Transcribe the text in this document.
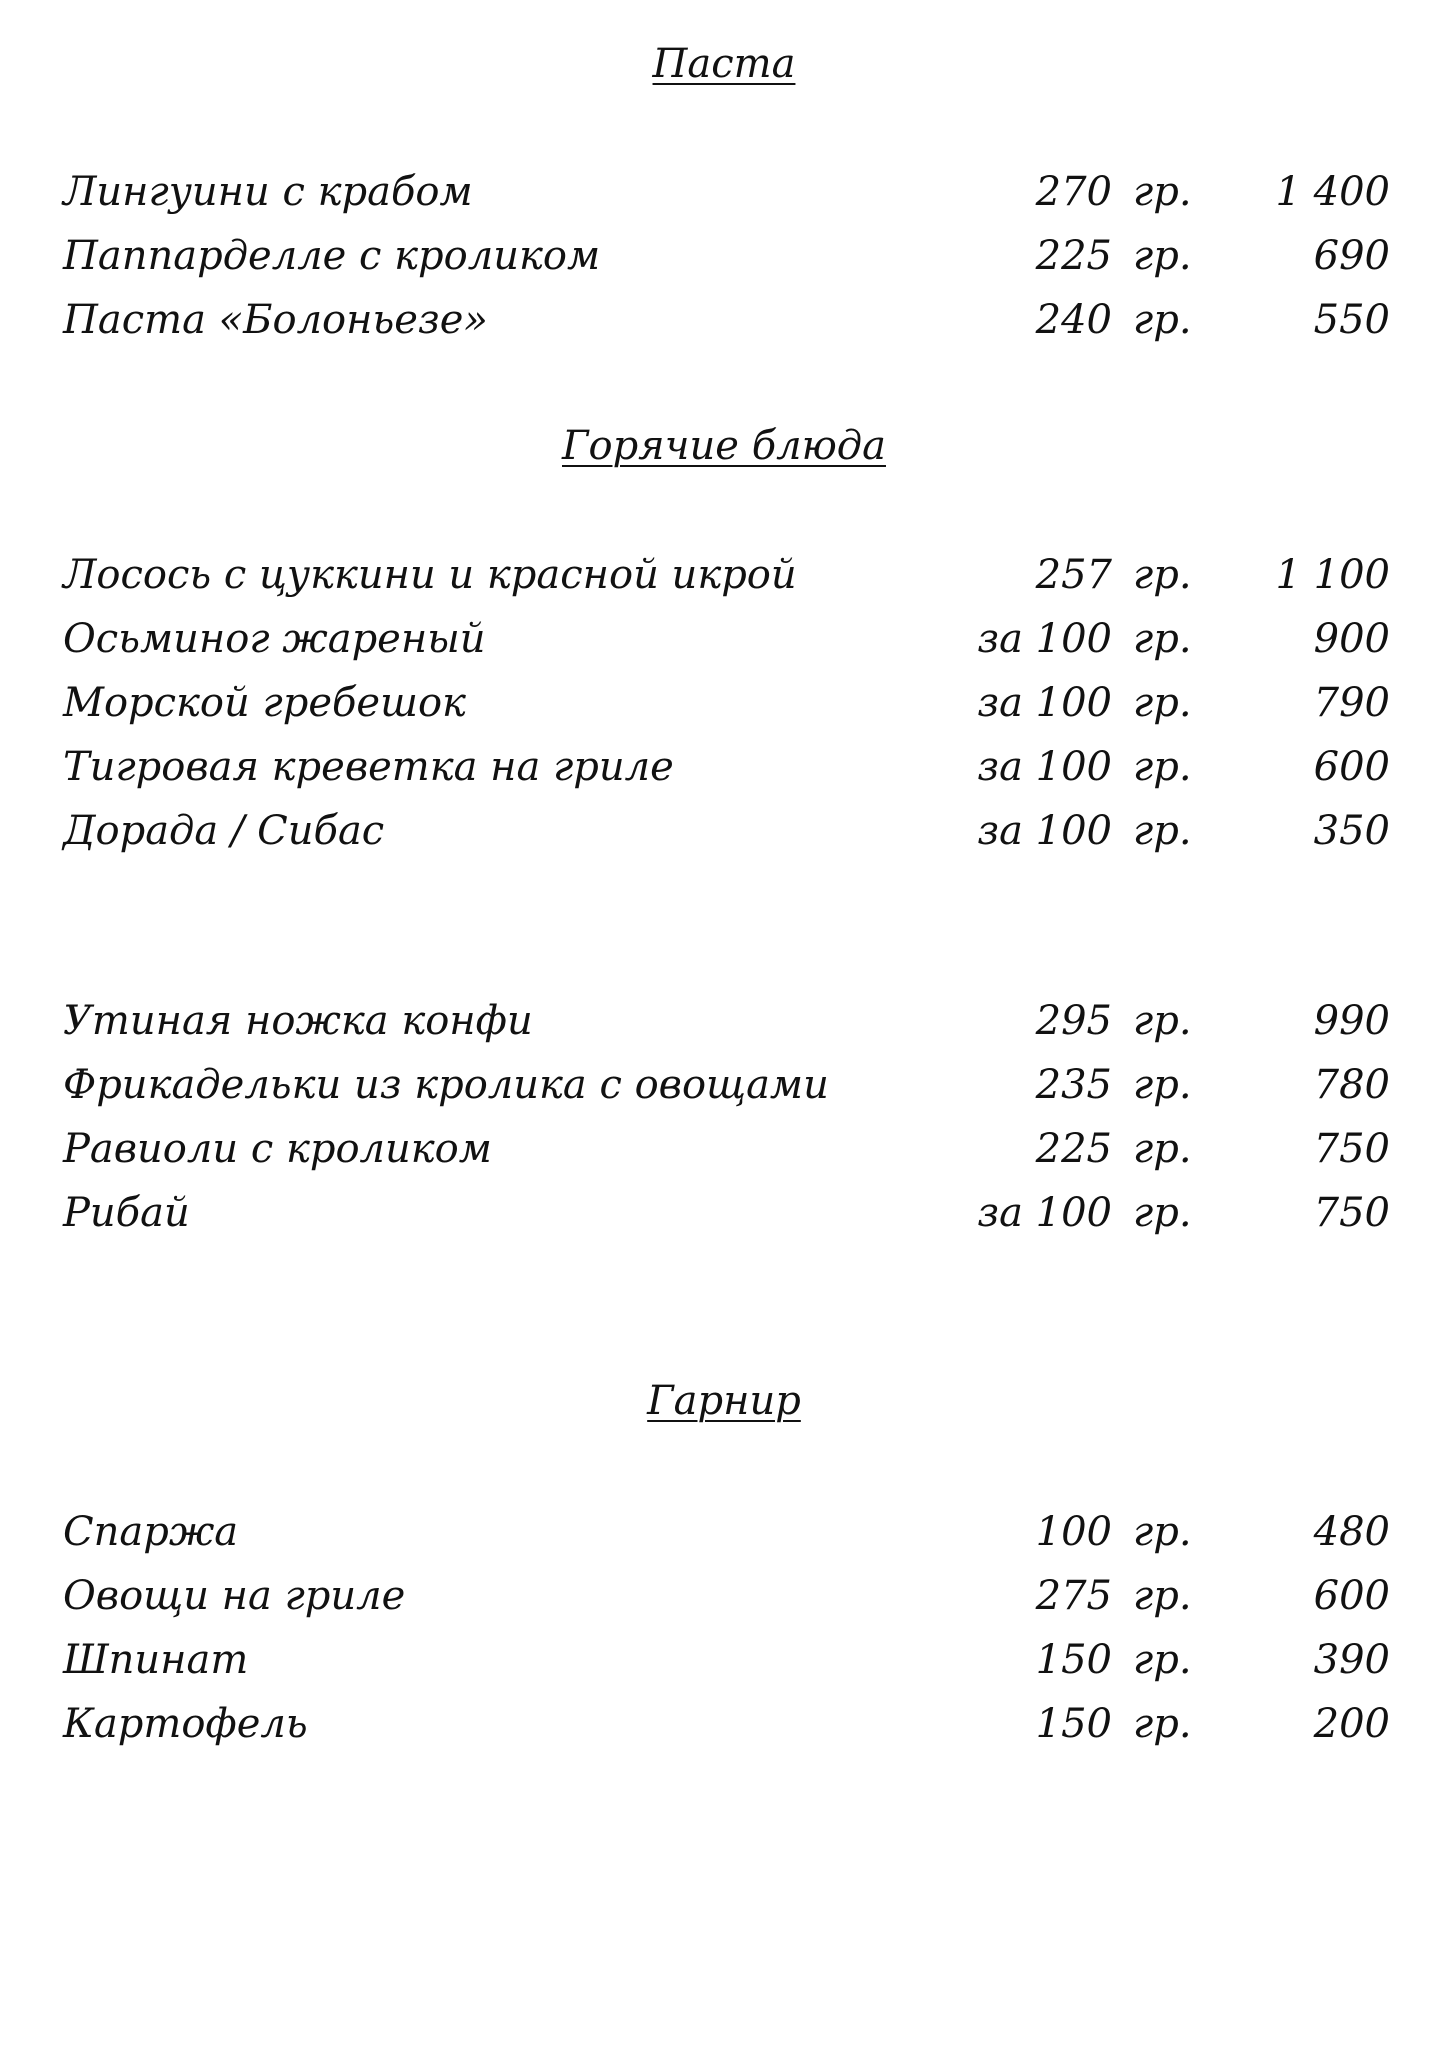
Паста
Лингуини с крабом	270 гр. 1 400
Паппарделле с кроликом	225 гр.	690
Паста «Болоньезе»	240 гр.	550
Горячие блюда
Лосось с цуккини и красной икрой	257 гр. 1 100
Осьминог жареный	за 100 гр.	900
Морской гребешок	за 100 гр.	790
Тигровая креветка на гриле	за 100 гр.	600
Дорада / Сибас	за 100 гр.	350
Утиная ножка конфи	295 гр.	990
Фрикадельки из кролика с овощами	235 гр.	780
Равиоли с кроликом	225 гр.	750
Рибай	за 100 гр.	750
Гарнир
Спаржа	100 гр.	480
Овощи на гриле	275 гр.	600
Шпинат	150 гр.	390
Картофель	150 гр.	200
